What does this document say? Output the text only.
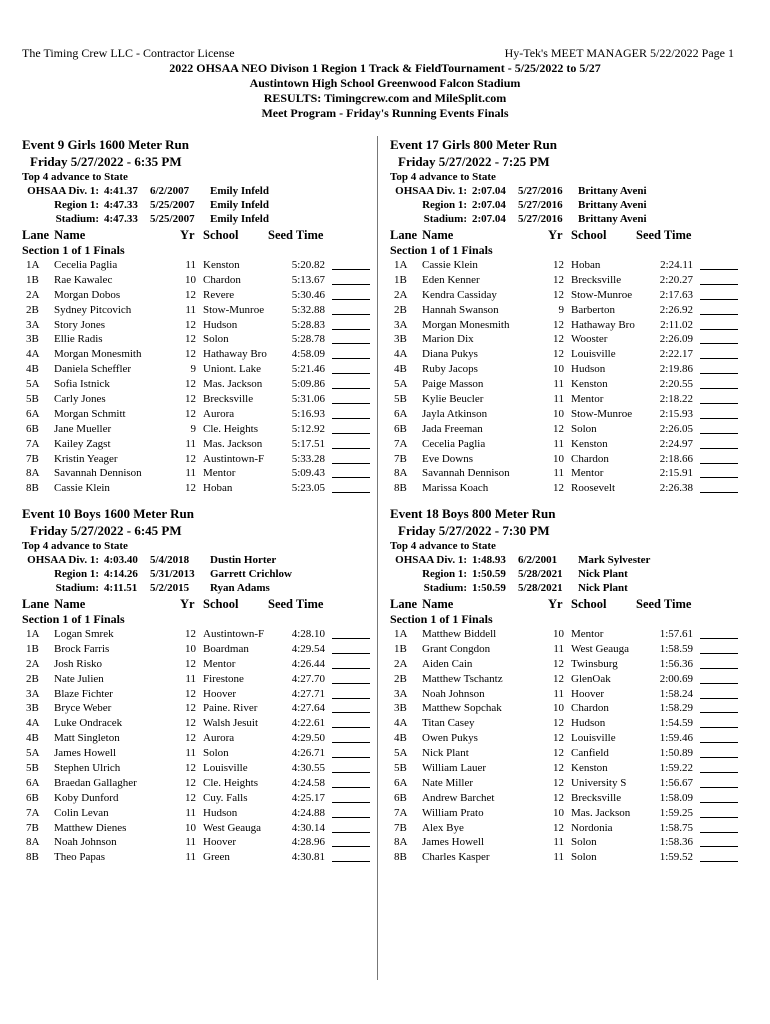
The Timing Crew LLC - Contractor License	Hy-Tek's MEET MANAGER 5/22/2022 Page 1
2022 OHSAA NEO Divison 1 Region 1 Track & FieldTournament - 5/25/2022 to 5/27
Austintown High School Greenwood Falcon Stadium
RESULTS: Timingcrew.com and MileSplit.com
Meet Program - Friday's Running Events Finals
Event 9 Girls 1600 Meter Run
Friday 5/27/2022 - 6:35 PM
Top 4 advance to State
OHSAA Div. 1: 4:41.37 6/2/2007 Emily Infeld
Region 1: 4:47.33 5/25/2007 Emily Infeld
Stadium: 4:47.33 5/25/2007 Emily Infeld
Lane Name	Yr School Seed Time
Section 1 of 1 Finals
1A Cecelia Paglia	11 Kenston	5:20.82
1B Rae Kawalec	10 Chardon	5:13.67
2A Morgan Dobos	12 Revere	5:30.46
2B Sydney Pitcovich	11 Stow-Munroe	5:32.88
3A Story Jones	12 Hudson	5:28.83
3B Ellie Radis	12 Solon	5:28.78
4A Morgan Monesmith	12 Hathaway Bro	4:58.09
4B Daniela Scheffler	9 Uniont. Lake	5:21.46
5A Sofia Istnick	12 Mas. Jackson	5:09.86
5B Carly Jones	12 Brecksville	5:31.06
6A Morgan Schmitt	12 Aurora	5:16.93
6B Jane Mueller	9 Cle. Heights	5:12.92
7A Kailey Zagst	11 Mas. Jackson	5:17.51
7B Kristin Yeager	12 Austintown-F	5:33.28
8A Savannah Dennison	11 Mentor	5:09.43
8B Cassie Klein	12 Hoban	5:23.05
Event 10 Boys 1600 Meter Run
Friday 5/27/2022 - 6:45 PM
Top 4 advance to State
OHSAA Div. 1: 4:03.40 5/4/2018 Dustin Horter
Region 1: 4:14.26 5/31/2013 Garrett Crichlow
Stadium: 4:11.51 5/2/2015 Ryan Adams
Lane Name	Yr School Seed Time
Section 1 of 1 Finals
1A Logan Smrek	12 Austintown-F	4:28.10
1B Brock Farris	10 Boardman	4:29.54
2A Josh Risko	12 Mentor	4:26.44
2B Nate Julien	11 Firestone	4:27.70
3A Blaze Fichter	12 Hoover	4:27.71
3B Bryce Weber	12 Paine. River	4:27.64
4A Luke Ondracek	12 Walsh Jesuit	4:22.61
4B Matt Singleton	12 Aurora	4:29.50
5A James Howell	11 Solon	4:26.71
5B Stephen Ulrich	12 Louisville	4:30.55
6A Braedan Gallagher	12 Cle. Heights	4:24.58
6B Koby Dunford	12 Cuy. Falls	4:25.17
7A Colin Levan	11 Hudson	4:24.88
7B Matthew Dienes	10 West Geauga	4:30.14
8A Noah Johnson	11 Hoover	4:28.96
8B Theo Papas	11 Green	4:30.81
Event 17 Girls 800 Meter Run
Friday 5/27/2022 - 7:25 PM
Top 4 advance to State
OHSAA Div. 1: 2:07.04 5/27/2016 Brittany Aveni
Region 1: 2:07.04 5/27/2016 Brittany Aveni
Stadium: 2:07.04 5/27/2016 Brittany Aveni
Lane Name	Yr School Seed Time
Section 1 of 1 Finals
1A Cassie Klein	12 Hoban	2:24.11
1B Eden Kenner	12 Brecksville	2:20.27
2A Kendra Cassiday	12 Stow-Munroe	2:17.63
2B Hannah Swanson	9 Barberton	2:26.92
3A Morgan Monesmith	12 Hathaway Bro	2:11.02
3B Marion Dix	12 Wooster	2:26.09
4A Diana Pukys	12 Louisville	2:22.17
4B Ruby Jacops	10 Hudson	2:19.86
5A Paige Masson	11 Kenston	2:20.55
5B Kylie Beucler	11 Mentor	2:18.22
6A Jayla Atkinson	10 Stow-Munroe	2:15.93
6B Jada Freeman	12 Solon	2:26.05
7A Cecelia Paglia	11 Kenston	2:24.97
7B Eve Downs	10 Chardon	2:18.66
8A Savannah Dennison	11 Mentor	2:15.91
8B Marissa Koach	12 Roosevelt	2:26.38
Event 18 Boys 800 Meter Run
Friday 5/27/2022 - 7:30 PM
Top 4 advance to State
OHSAA Div. 1: 1:48.93 6/2/2001 Mark Sylvester
Region 1: 1:50.59 5/28/2021 Nick Plant
Stadium: 1:50.59 5/28/2021 Nick Plant
Lane Name	Yr School Seed Time
Section 1 of 1 Finals
1A Matthew Biddell	10 Mentor	1:57.61
1B Grant Congdon	11 West Geauga	1:58.59
2A Aiden Cain	12 Twinsburg	1:56.36
2B Matthew Tschantz	12 GlenOak	2:00.69
3A Noah Johnson	11 Hoover	1:58.24
3B Matthew Sopchak	10 Chardon	1:58.29
4A Titan Casey	12 Hudson	1:54.59
4B Owen Pukys	12 Louisville	1:59.46
5A Nick Plant	12 Canfield	1:50.89
5B William Lauer	12 Kenston	1:59.22
6A Nate Miller	12 University S	1:56.67
6B Andrew Barchet	12 Brecksville	1:58.09
7A William Prato	10 Mas. Jackson	1:59.25
7B Alex Bye	12 Nordonia	1:58.75
8A James Howell	11 Solon	1:58.36
8B Charles Kasper	11 Solon	1:59.52
